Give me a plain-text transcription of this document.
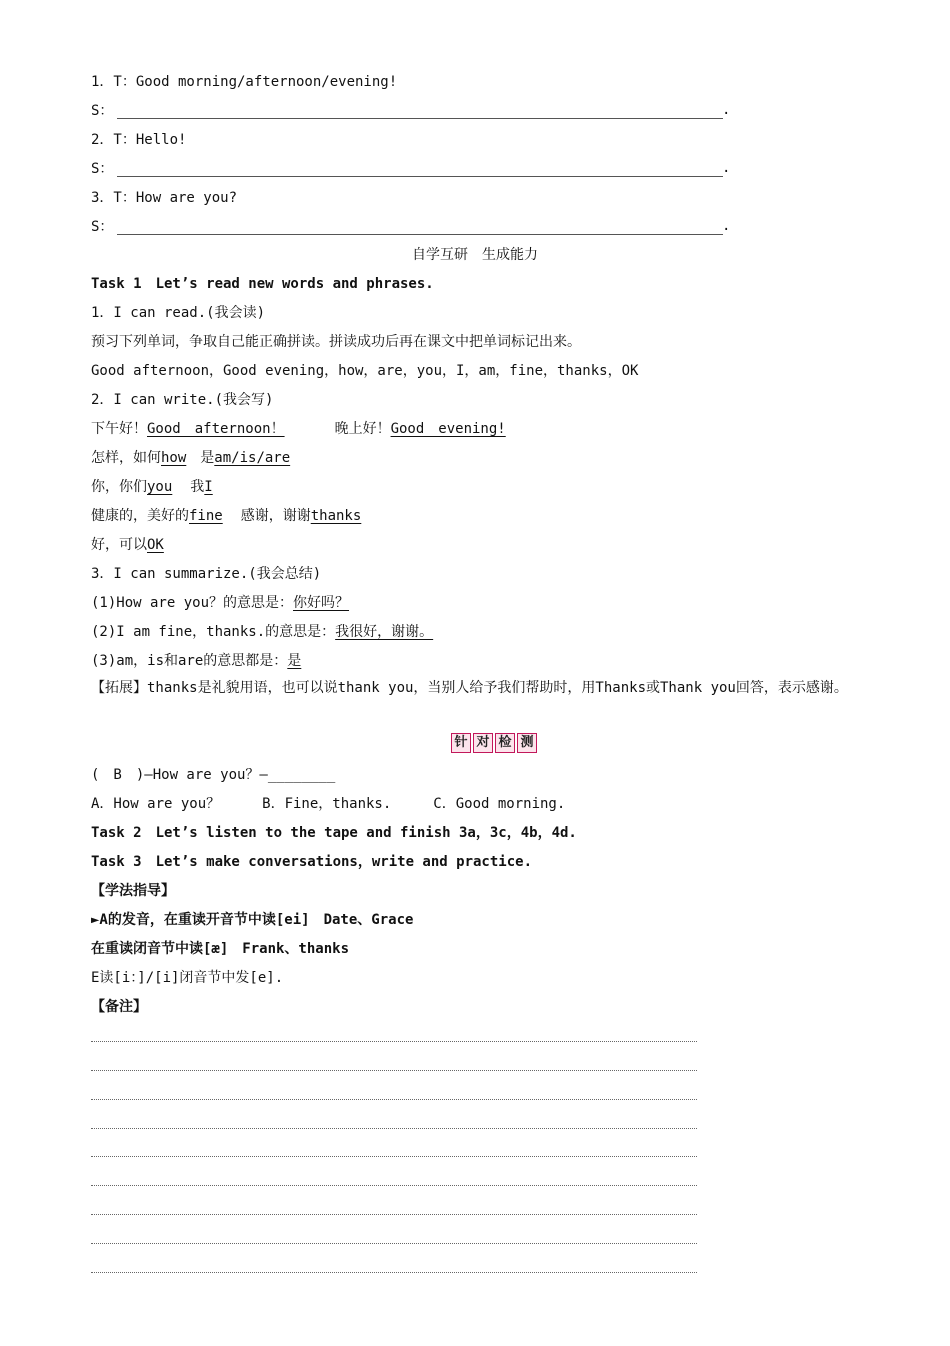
1．T：Good morning/afternoon/evening!
S：	.
2．T：Hello!
S：	.
3．T：How are you?
S：	.
自学互研　生成能力
Task 1　Let’s read new words and phrases.
1．I can read.(我会读)
预习下列单词，争取自己能正确拼读。拼读成功后再在课文中把单词标记出来。
Good afternoon，Good evening，how，are，you，I，am，fine，thanks，OK
2．I can write.(我会写)
下午好！Good　afternoon！	晚上好！Good　evening!
怎样，如何how 是am/is/are
你，你们you 我I
健康的，美好的fine 感谢，谢谢thanks
好，可以OK
3．I can summarize.(我会总结)
(1)How are you？的意思是：你好吗？
(2)I am fine，thanks.的意思是：我很好，谢谢。
(3)am，is和are的意思都是：是
【拓展】thanks是礼貌用语，也可以说thank you，当别人给予我们帮助时，用Thanks或Thank you回答，表示感谢。
针 对 检 测
(　B　)—How are you？—________
A．How are you？　　　B．Fine，thanks.　　　C．Good morning.
Task 2　Let’s listen to the tape and finish 3a，3c，4b，4d.
Task 3　Let’s make conversations，write and practice.
【学法指导】
►A的发音，在重读开音节中读[ei]　Date、Grace
在重读闭音节中读[æ]　Frank、thanks
E读[i：]/[i]闭音节中发[e].
【备注】
